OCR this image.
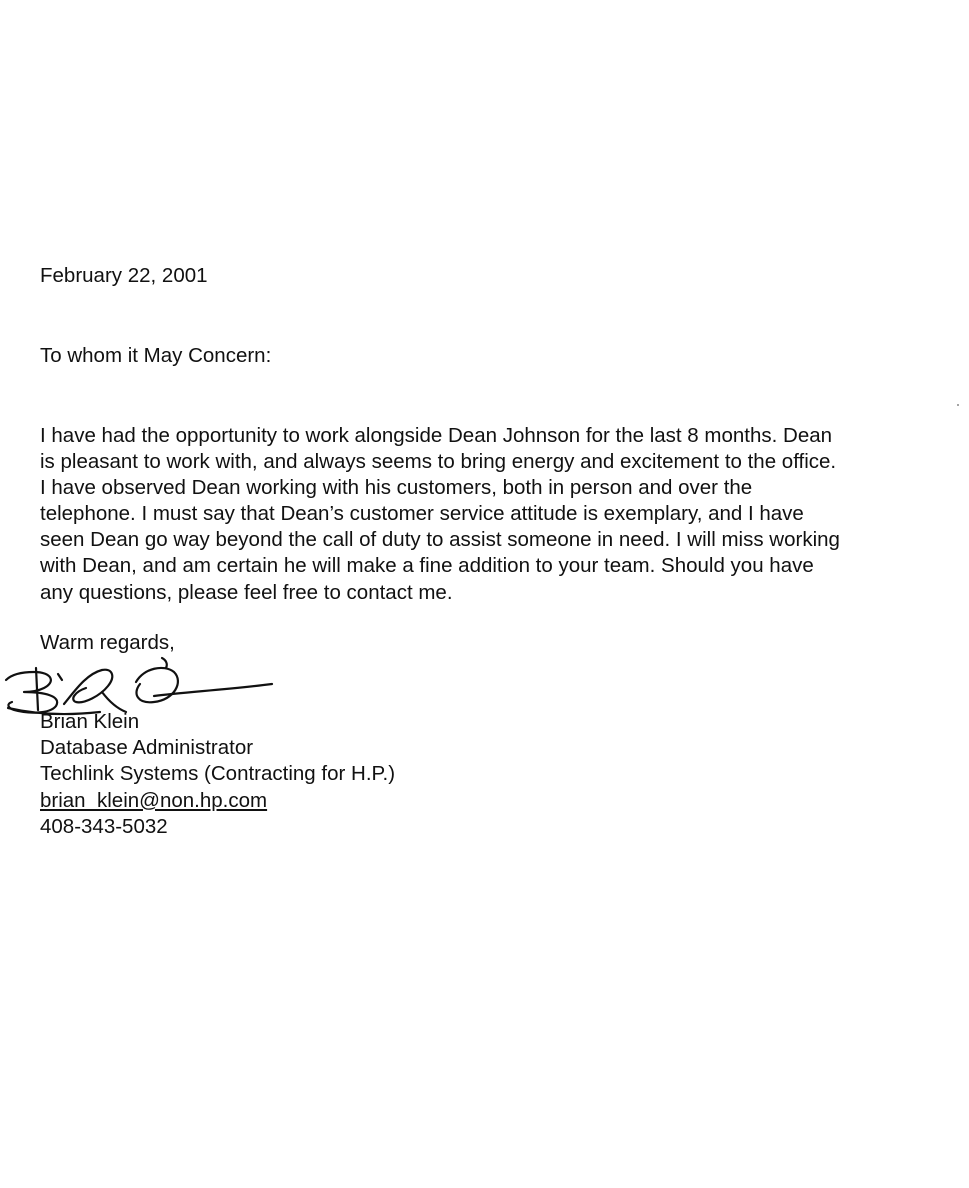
February 22, 2001
To whom it May Concern:
I have had the opportunity to work alongside Dean Johnson for the last 8 months. Dean
is pleasant to work with, and always seems to bring energy and excitement to the office.
I have observed Dean working with his customers, both in person and over the
telephone. I must say that Dean’s customer service attitude is exemplary, and I have
seen Dean go way beyond the call of duty to assist someone in need. I will miss working
with Dean, and am certain he will make a fine addition to your team. Should you have
any questions, please feel free to contact me.
Warm regards,
Brian Klein
Database Administrator
Techlink Systems (Contracting for H.P.)
brian_klein@non.hp.com
408-343-5032
